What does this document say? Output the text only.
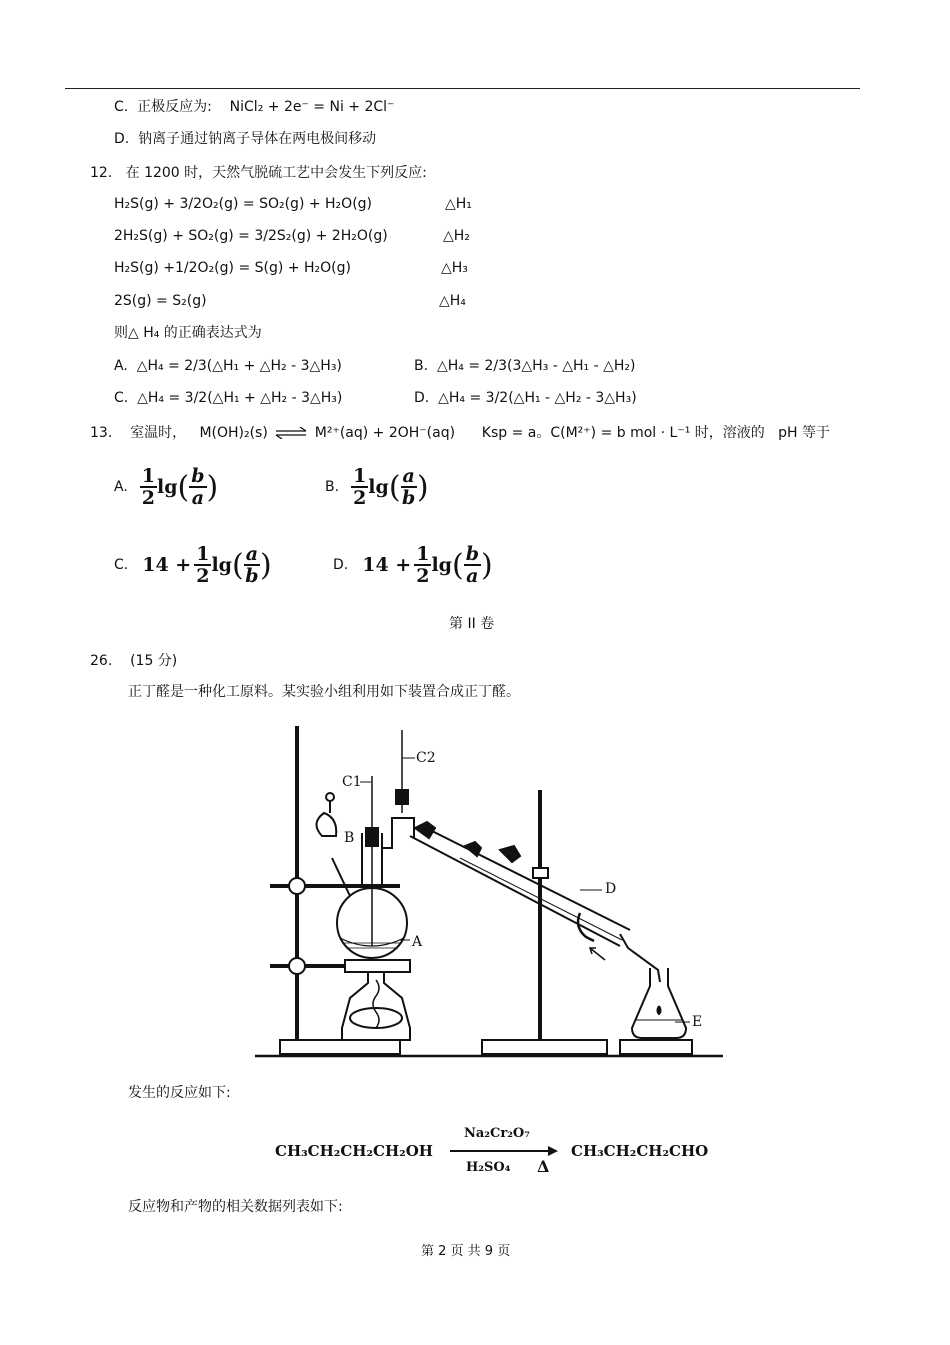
C. 正极反应为: NiCl₂ + 2e⁻ = Ni + 2Cl⁻
D. 钠离子通过钠离子导体在两电极间移动
12. 在 1200 时，天然气脱硫工艺中会发生下列反应:
H₂S(g) + 3/2O₂(g) = SO₂(g) + H₂O(g)	△H₁
2H₂S(g) + SO₂(g) = 3/2S₂(g) + 2H₂O(g)	△H₂
H₂S(g) +1/2O₂(g) = S(g) + H₂O(g)	△H₃
2S(g) = S₂(g)	△H₄
则△ H₄ 的正确表达式为
A. △H₄ = 2/3(△H₁ + △H₂ - 3△H₃)	B. △H₄ = 2/3(3△H₃ - △H₁ - △H₂)
C. △H₄ = 3/2(△H₁ + △H₂ - 3△H₃)	D. △H₄ = 3/2(△H₁ - △H₂ - 3△H₃)
13. 室温时， M(OH)₂(s) ⇌ M²⁺(aq) + 2OH⁻(aq) Ksp = a。C(M²⁺) = b mol · L⁻¹ 时，溶液的 pH 等于
A. $\frac{1}{2}$ lg ( $\frac{b}{a}$ )	B. $\frac{1}{2}$ lg ( $\frac{a}{b}$ )
C. $14 + \frac{1}{2}$ lg ( $\frac{a}{b}$ )	D. $14 + \frac{1}{2}$ lg ( $\frac{b}{a}$ )
第 II 卷
26. (15 分)
正丁醛是一种化工原料。某实验小组利用如下装置合成正丁醛。
C1
C2
B
A
D
E
发生的反应如下:
CH₃CH₂CH₂CH₂OH
Na₂Cr₂O₇
H₂SO₄ Δ
CH₃CH₂CH₂CHO
反应物和产物的相关数据列表如下:
第 2 页 共 9 页
